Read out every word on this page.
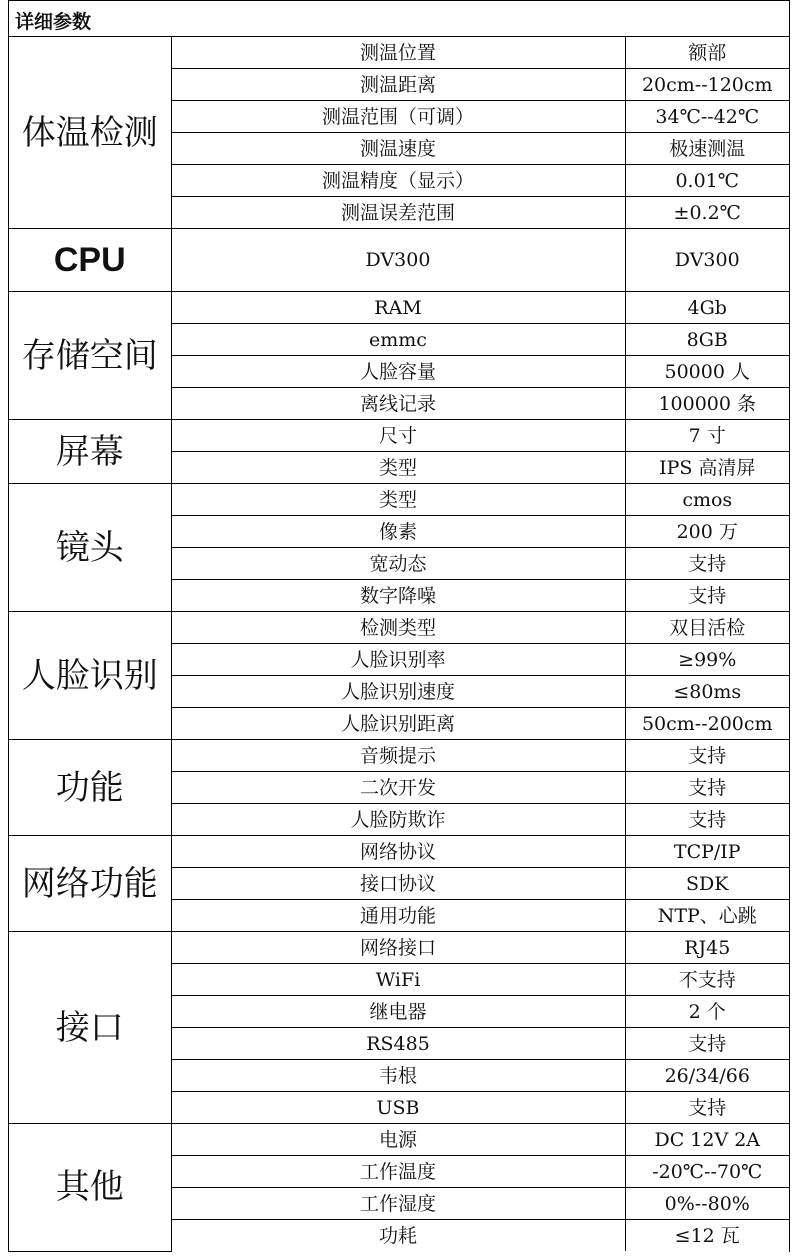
详细参数
体温检测	测温位置	额部
	测温距离	20cm--120cm
	测温范围（可调）	34℃--42℃
	测温速度	极速测温
	测温精度（显示）	0.01℃
	测温误差范围	±0.2℃
CPU	DV300	DV300
存储空间	RAM	4Gb
	emmc	8GB
	人脸容量	50000 人
	离线记录	100000 条
屏幕	尺寸	7 寸
	类型	IPS 高清屏
镜头	类型	cmos
	像素	200 万
	宽动态	支持
	数字降噪	支持
人脸识别	检测类型	双目活检
	人脸识别率	≥99%
	人脸识别速度	≤80ms
	人脸识别距离	50cm--200cm
功能	音频提示	支持
	二次开发	支持
	人脸防欺诈	支持
网络功能	网络协议	TCP/IP
	接口协议	SDK
	通用功能	NTP、心跳
接口	网络接口	RJ45
	WiFi	不支持
	继电器	2 个
	RS485	支持
	韦根	26/34/66
	USB	支持
其他	电源	DC 12V 2A
	工作温度	-20℃--70℃
	工作湿度	0%--80%
	功耗	≤12 瓦
